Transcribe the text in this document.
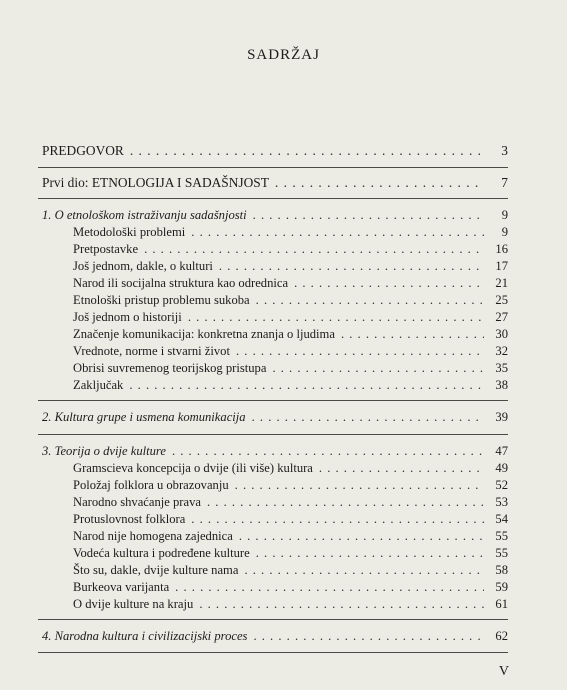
SADRŽAJ
PREDGOVOR . . .	3
Prvi dio: ETNOLOGIJA I SADAŠNJOST . . .	7
1. O etnološkom istraživanju sadašnjosti . . .	9
Metodološki problemi . . .	9
Pretpostavke . . .	16
Još jednom, dakle, o kulturi . . .	17
Narod ili socijalna struktura kao odrednica . . .	21
Etnološki pristup problemu sukoba . . .	25
Još jednom o historiji . . .	27
Značenje komunikacija: konkretna znanja o ljudima . . .	30
Vrednote, norme i stvarni život . . .	32
Obrisi suvremenog teorijskog pristupa . . .	35
Zaključak . . .	38
2. Kultura grupe i usmena komunikacija . . .	39
3. Teorija o dvije kulture . . .	47
Gramscieva koncepcija o dvije (ili više) kultura . . .	49
Položaj folklora u obrazovanju . . .	52
Narodno shvaćanje prava . . .	53
Protuslovnost folklora . . .	54
Narod nije homogena zajednica . . .	55
Vodeća kultura i podređene kulture . . .	55
Što su, dakle, dvije kulture nama . . .	58
Burkeova varijanta . . .	59
O dvije kulture na kraju . . .	61
4. Narodna kultura i civilizacijski proces . . .	62
V
